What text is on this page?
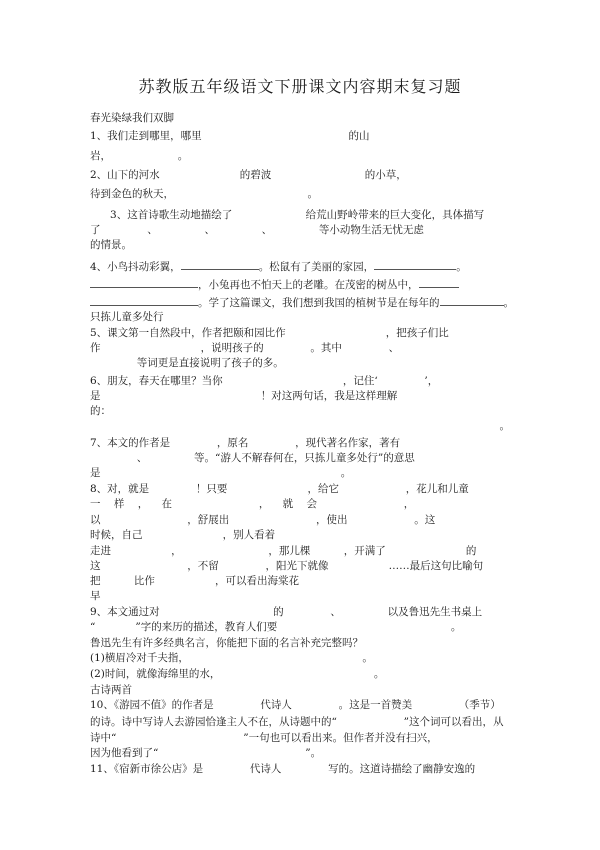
苏教版五年级语文下册课文内容期末复习题
春光染绿我们双脚
1、我们走到哪里，哪里                                            的山
岩，                    。
2、山下的河水                        的碧波                            的小草，
待到金色的秋天，                                        。
3、这首诗歌生动地描绘了                      给荒山野岭带来的巨大变化，具体描写
了              、              、              、              等小动物生活无忧无虑
的情景。
4、小鸟抖动彩翼，	。松鼠有了美丽的家园，	。
，小兔再也不怕天上的老雕。在茂密的树丛中，
。学了这篇课文，我们想到我国的植树节是在每年的	。
只拣儿童多处行
5、课文第一自然段中，作者把颐和园比作                              ，把孩子们比
作                              ，说明孩子的              。其中              、
等词更是直接说明了孩子的多。
6、朋友，春天在哪里？当你                                    ，记住‘              ’，
是                                                ！对这两句话，我是这样理解
的：
。
7、本文的作者是              ，原名              ，现代著名作家，著有
、              等。“游人不解春何在，只拣儿童多处行”的意思
是                                                                        。
8、对，就是              ！只要                        ，给它                    ，花儿和儿童
一    样    ，    在                          ，    就    会                          ，
以                          ，舒展出                          ，使出                    。这
时候，自己                        ，别人看着
走进                  ，                          ，那儿棵          ，开满了                        的
这                          ，不留              ，阳光下就像                  ……最后这句比喻句
把          比作                  ，可以看出海棠花
早
9、本文通过对                                  的              、              以及鲁迅先生书桌上
“            ”字的来历的描述，教育人们要                                                    。
鲁迅先生有许多经典名言，你能把下面的名言补充完整吗？
(1)横眉冷对千夫指，                                                    。
(2)时间，就像海绵里的水，                                              。
古诗两首
10、《游园不值》的作者是              代诗人              。这是一首赞美              （季节）
的诗。诗中写诗人去游园恰逢主人不在，从诗题中的“                    ”这个词可以看出，从
诗中“                                      ”一句也可以看出来。但作者并没有扫兴，
因为他看到了“                                            ”。
11、《宿新市徐公店》是              代诗人              写的。这道诗描绘了幽静安逸的
